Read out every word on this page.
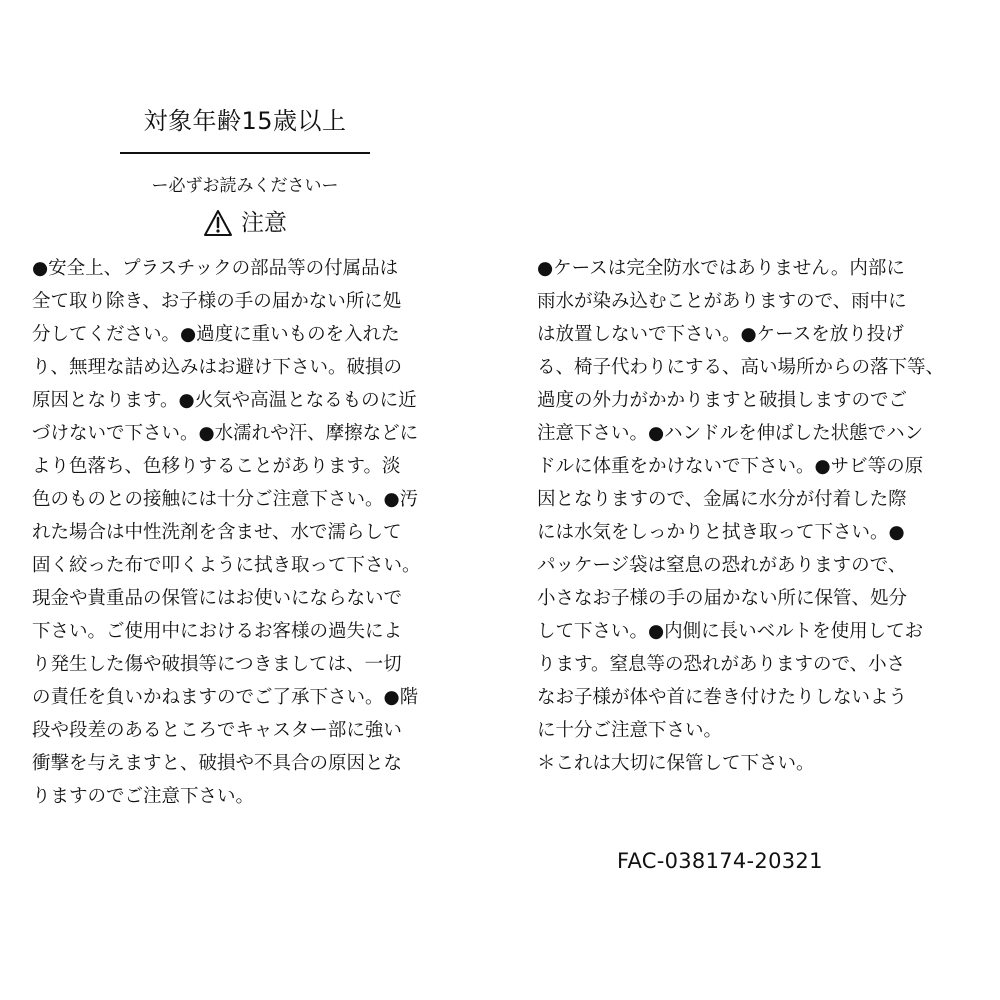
対象年齢15歳以上
ー必ずお読みくださいー
注意
●安全上、プラスチックの部品等の付属品は
全て取り除き、お子様の手の届かない所に処
分してください。●過度に重いものを入れた
り、無理な詰め込みはお避け下さい。破損の
原因となります。●火気や高温となるものに近
づけないで下さい。●水濡れや汗、摩擦などに
より色落ち、色移りすることがあります。淡
色のものとの接触には十分ご注意下さい。●汚
れた場合は中性洗剤を含ませ、水で濡らして
固く絞った布で叩くように拭き取って下さい。
現金や貴重品の保管にはお使いにならないで
下さい。ご使用中におけるお客様の過失によ
り発生した傷や破損等につきましては、一切
の責任を負いかねますのでご了承下さい。●階
段や段差のあるところでキャスター部に強い
衝撃を与えますと、破損や不具合の原因とな
りますのでご注意下さい。
●ケースは完全防水ではありません。内部に
雨水が染み込むことがありますので、雨中に
は放置しないで下さい。●ケースを放り投げ
る、椅子代わりにする、高い場所からの落下等、
過度の外力がかかりますと破損しますのでご
注意下さい。●ハンドルを伸ばした状態でハン
ドルに体重をかけないで下さい。●サビ等の原
因となりますので、金属に水分が付着した際
には水気をしっかりと拭き取って下さい。●
パッケージ袋は窒息の恐れがありますので、
小さなお子様の手の届かない所に保管、処分
して下さい。●内側に長いベルトを使用してお
ります。窒息等の恐れがありますので、小さ
なお子様が体や首に巻き付けたりしないよう
に十分ご注意下さい。
＊これは大切に保管して下さい。
FAC-038174-20321
